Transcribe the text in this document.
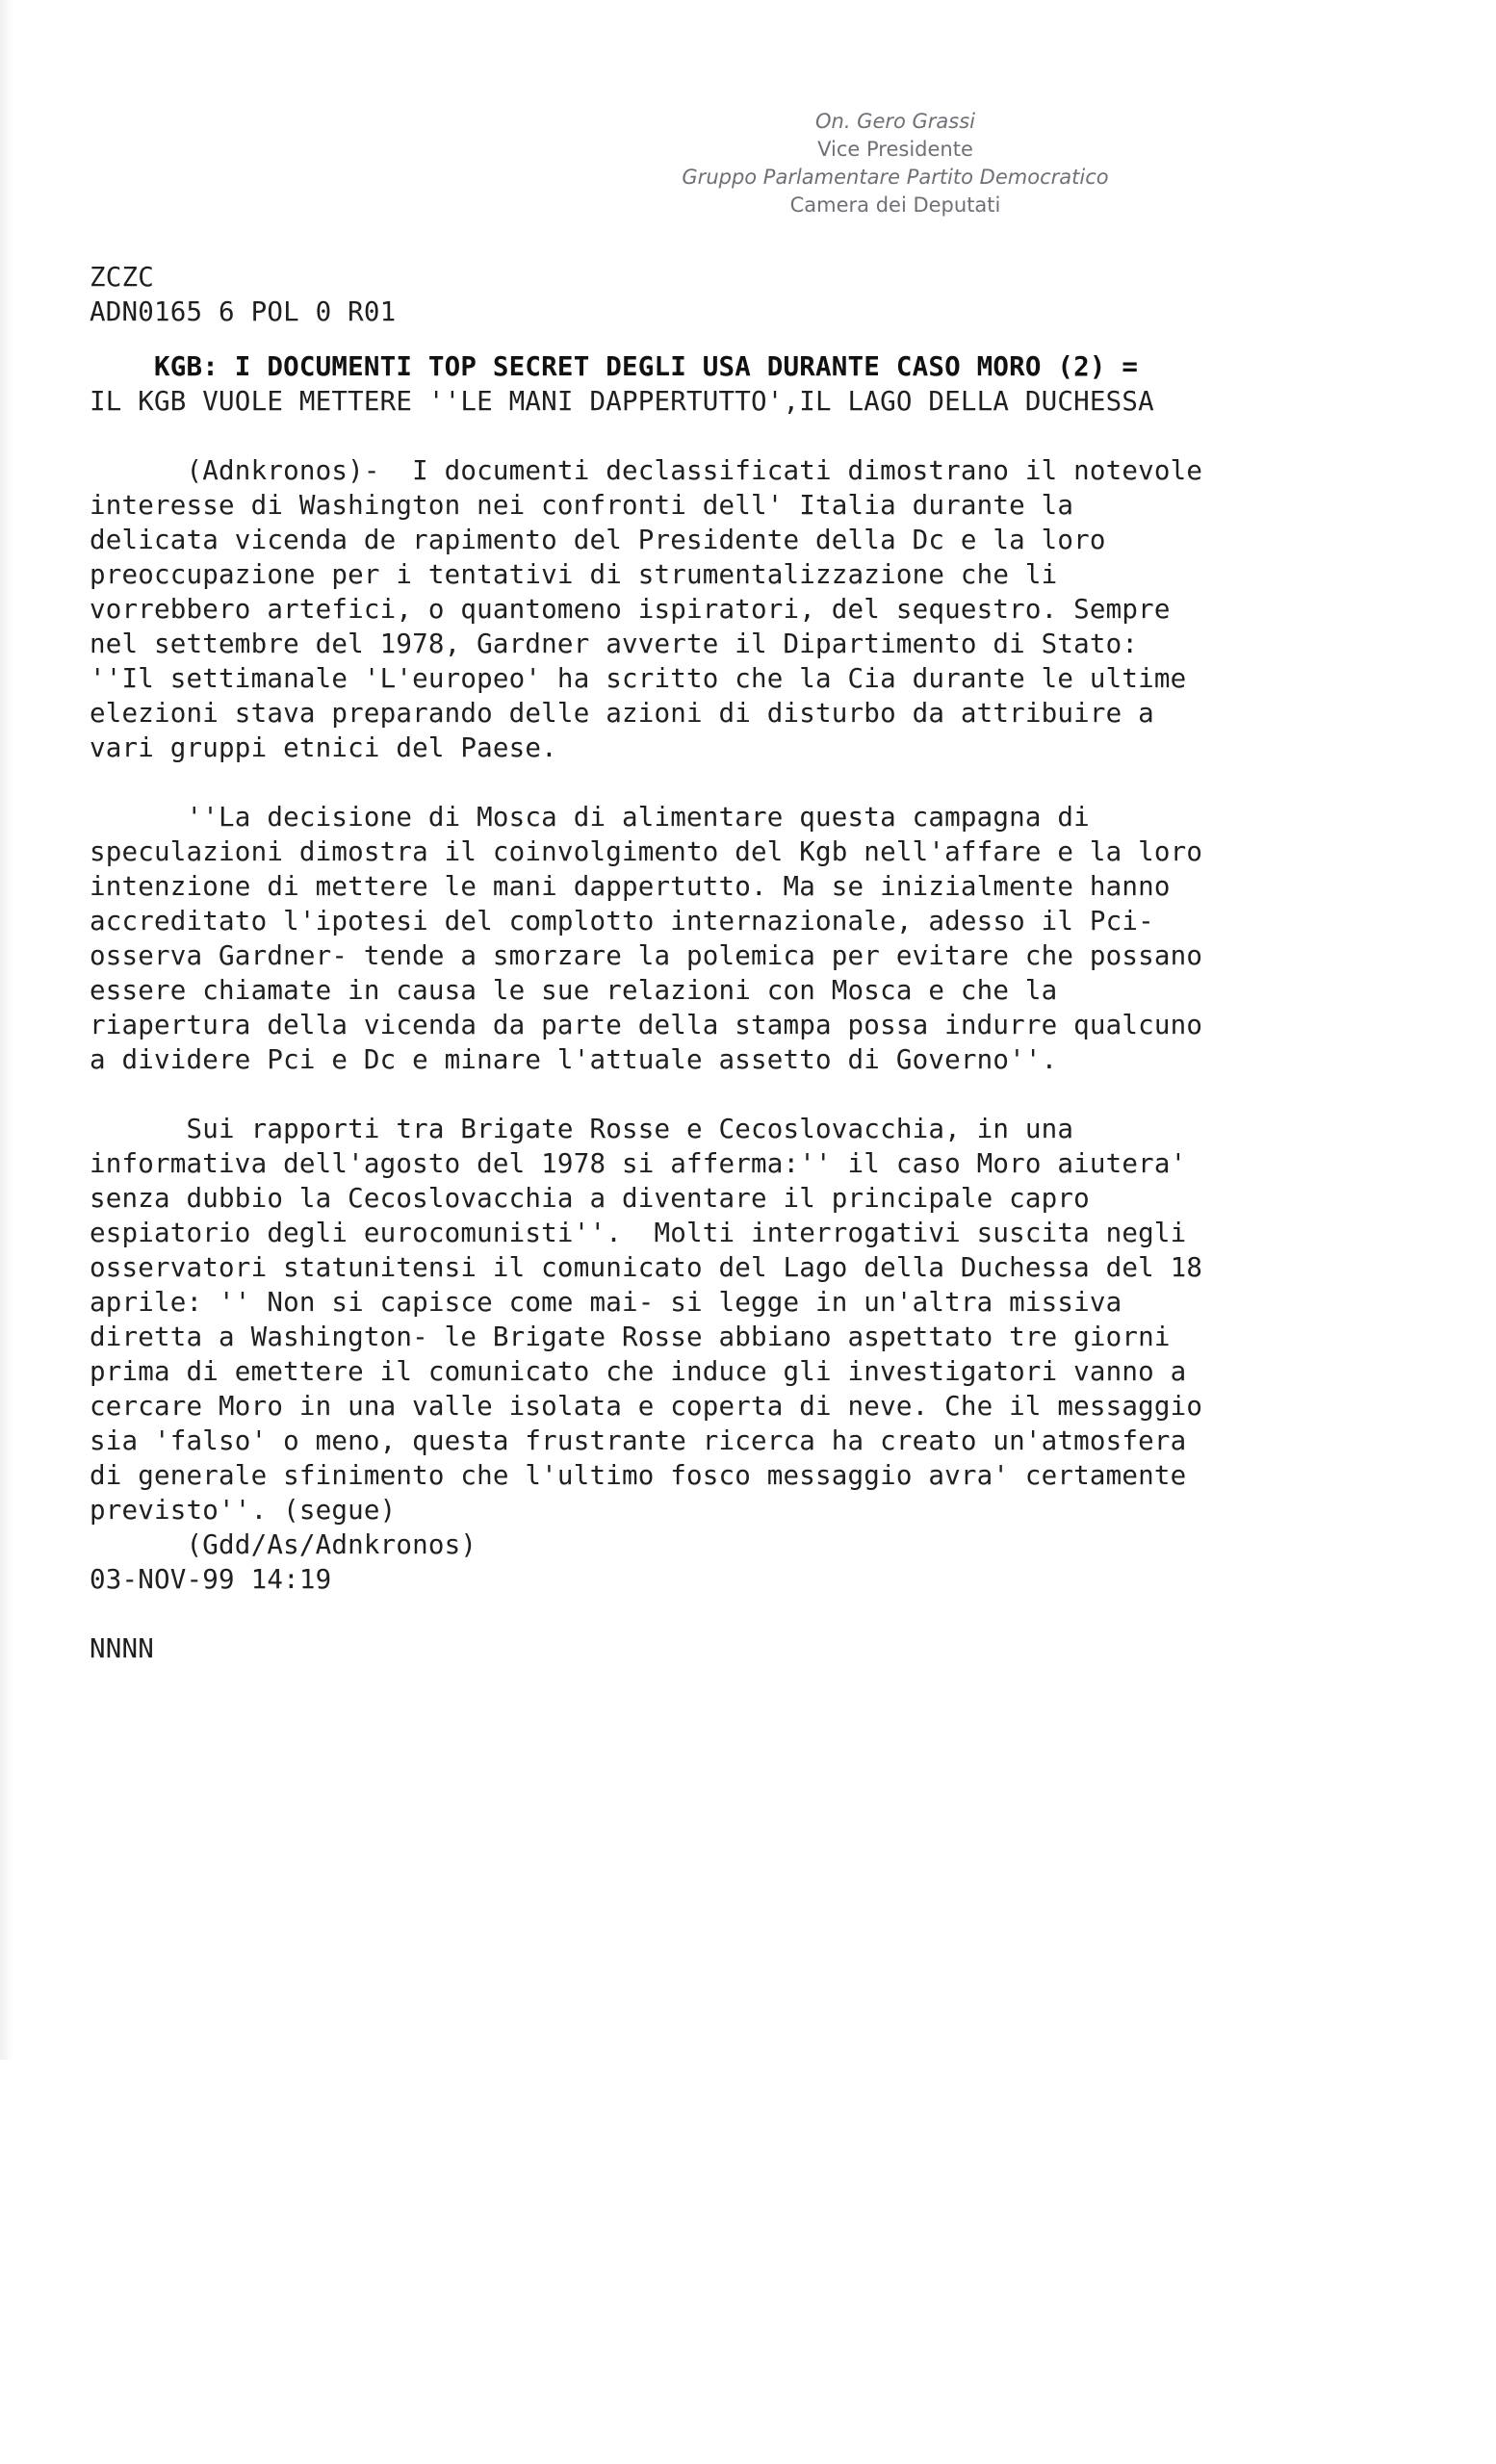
On. Gero Grassi
Vice Presidente
Gruppo Parlamentare Partito Democratico
Camera dei Deputati
ZCZC
ADN0165 6 POL 0 R01
KGB: I DOCUMENTI TOP SECRET DEGLI USA DURANTE CASO MORO (2) =
IL KGB VUOLE METTERE ''LE MANI DAPPERTUTTO',IL LAGO DELLA DUCHESSA
(Adnkronos)-  I documenti declassificati dimostrano il notevole
interesse di Washington nei confronti dell' Italia durante la
delicata vicenda de rapimento del Presidente della Dc e la loro
preoccupazione per i tentativi di strumentalizzazione che li
vorrebbero artefici, o quantomeno ispiratori, del sequestro. Sempre
nel settembre del 1978, Gardner avverte il Dipartimento di Stato:
''Il settimanale 'L'europeo' ha scritto che la Cia durante le ultime
elezioni stava preparando delle azioni di disturbo da attribuire a
vari gruppi etnici del Paese.
''La decisione di Mosca di alimentare questa campagna di
speculazioni dimostra il coinvolgimento del Kgb nell'affare e la loro
intenzione di mettere le mani dappertutto. Ma se inizialmente hanno
accreditato l'ipotesi del complotto internazionale, adesso il Pci-
osserva Gardner- tende a smorzare la polemica per evitare che possano
essere chiamate in causa le sue relazioni con Mosca e che la
riapertura della vicenda da parte della stampa possa indurre qualcuno
a dividere Pci e Dc e minare l'attuale assetto di Governo''.
Sui rapporti tra Brigate Rosse e Cecoslovacchia, in una
informativa dell'agosto del 1978 si afferma:'' il caso Moro aiutera'
senza dubbio la Cecoslovacchia a diventare il principale capro
espiatorio degli eurocomunisti''.  Molti interrogativi suscita negli
osservatori statunitensi il comunicato del Lago della Duchessa del 18
aprile: '' Non si capisce come mai- si legge in un'altra missiva
diretta a Washington- le Brigate Rosse abbiano aspettato tre giorni
prima di emettere il comunicato che induce gli investigatori vanno a
cercare Moro in una valle isolata e coperta di neve. Che il messaggio
sia 'falso' o meno, questa frustrante ricerca ha creato un'atmosfera
di generale sfinimento che l'ultimo fosco messaggio avra' certamente
previsto''. (segue)
(Gdd/As/Adnkronos)
03-NOV-99 14:19
NNNN
